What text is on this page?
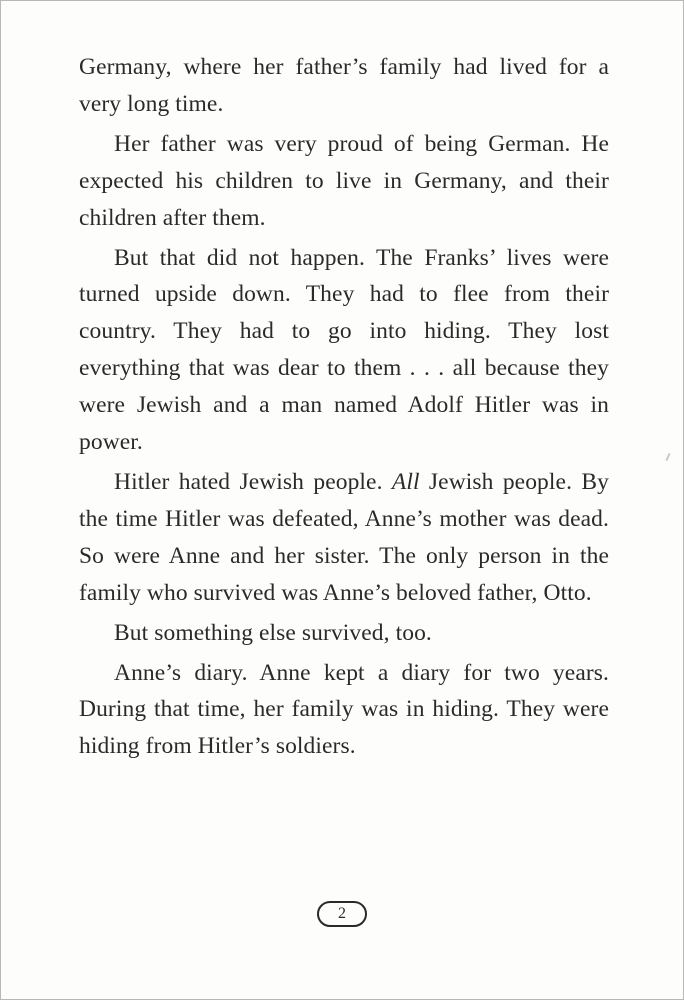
Germany, where her father’s family had lived for a very long time.

Her father was very proud of being German. He expected his children to live in Germany, and their children after them.

But that did not happen. The Franks’ lives were turned upside down. They had to flee from their country. They had to go into hiding. They lost everything that was dear to them . . . all because they were Jewish and a man named Adolf Hitler was in power.

Hitler hated Jewish people. All Jewish people. By the time Hitler was defeated, Anne’s mother was dead. So were Anne and her sister. The only person in the family who survived was Anne’s beloved father, Otto.

But something else survived, too.

Anne’s diary. Anne kept a diary for two years. During that time, her family was in hiding. They were hiding from Hitler’s soldiers.

2
